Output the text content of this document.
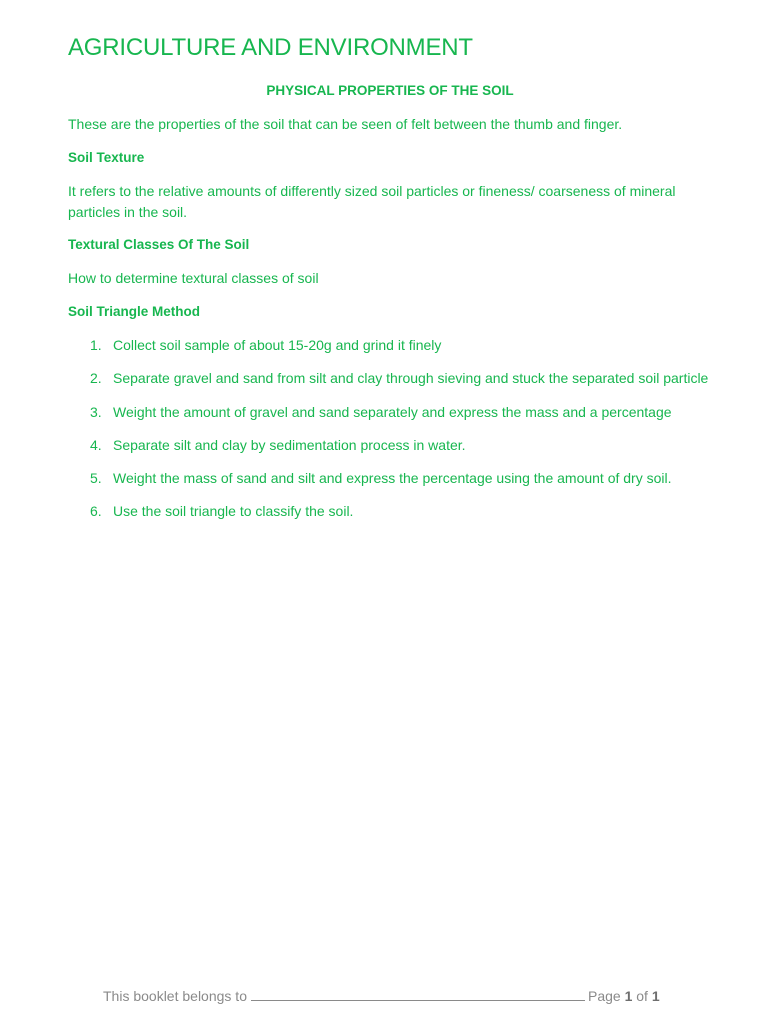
AGRICULTURE AND ENVIRONMENT
PHYSICAL PROPERTIES OF THE SOIL

These are the properties of the soil that can be seen of felt between the thumb and finger.

Soil Texture

It refers to the relative amounts of differently sized soil particles or fineness/ coarseness of mineral particles in the soil.

Textural Classes Of The Soil

How to determine textural classes of soil

Soil Triangle Method
1. Collect soil sample of about 15-20g and grind it finely
2. Separate gravel and sand from silt and clay through sieving and stuck the separated soil particle
3. Weight the amount of gravel and sand separately and express the mass and a percentage
4. Separate silt and clay by sedimentation process in water.
5. Weight the mass of sand and silt and express the percentage using the amount of dry soil.
6. Use the soil triangle to classify the soil.
This booklet belongs to	Page 1 of 1
